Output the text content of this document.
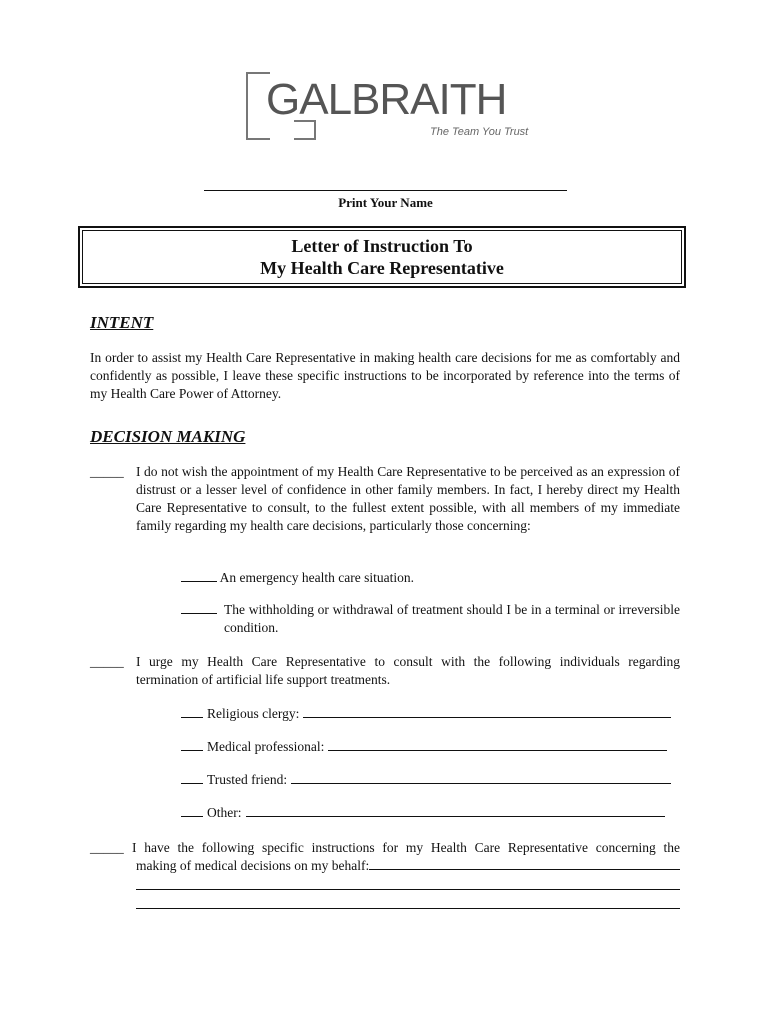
GALBRAITH
The Team You Trust
Print Your Name
Letter of Instruction To
My Health Care Representative
INTENT
In order to assist my Health Care Representative in making health care decisions for me as comfortably and confidently as possible, I leave these specific instructions to be incorporated by reference into the terms of my Health Care Power of Attorney.
DECISION MAKING
_____ I do not wish the appointment of my Health Care Representative to be perceived as an expression of distrust or a lesser level of confidence in other family members. In fact, I hereby direct my Health Care Representative to consult, to the fullest extent possible, with all members of my immediate family regarding my health care decisions, particularly those concerning:
An emergency health care situation.
The withholding or withdrawal of treatment should I be in a terminal or irreversible condition.
_____ I urge my Health Care Representative to consult with the following individuals regarding termination of artificial life support treatments.
Religious clergy:
Medical professional:
Trusted friend:
Other:
_____ I have the following specific instructions for my Health Care Representative concerning the
making of medical decisions on my behalf:
